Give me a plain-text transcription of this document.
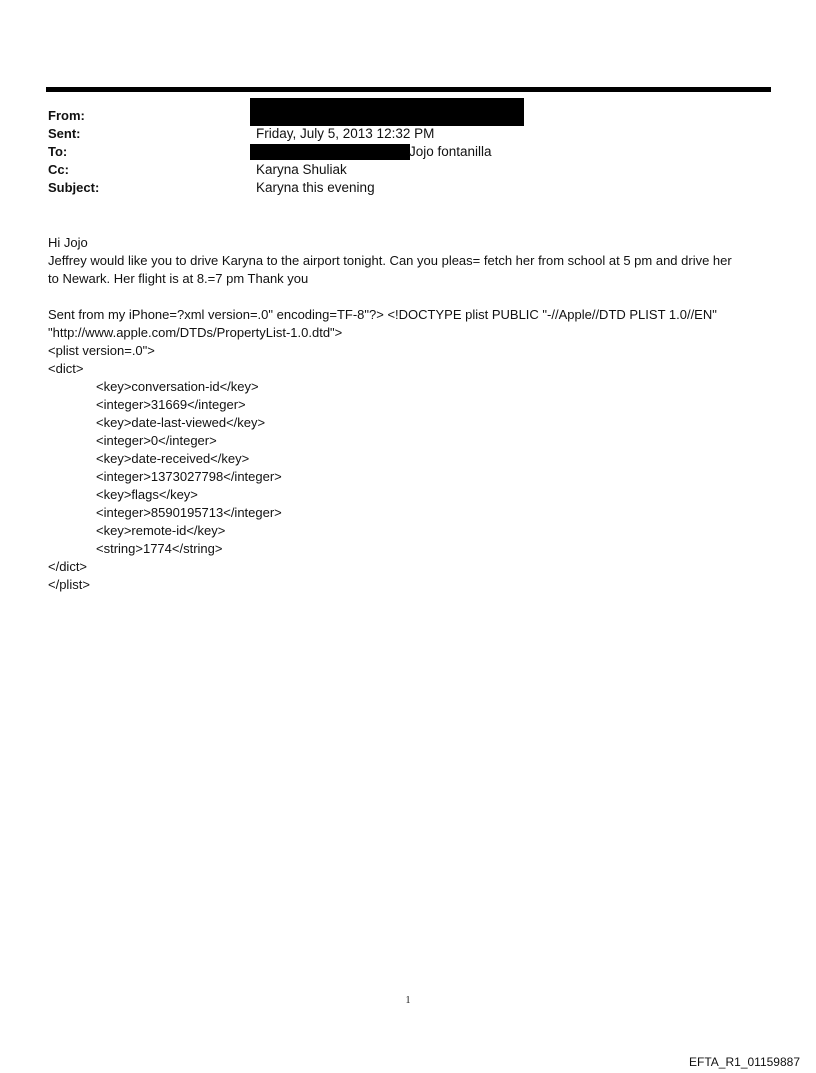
From:
Sent:
To:
Cc:
Subject:
Friday, July 5, 2013 12:32 PM
Jojo fontanilla
Karyna Shuliak
Karyna this evening
Hi Jojo
Jeffrey would like you to drive Karyna to the airport tonight. Can you pleas= fetch her from school at 5 pm and drive her
to Newark. Her flight is at 8.=7 pm Thank you
Sent from my iPhone=?xml version=.0" encoding=TF-8"?> <!DOCTYPE plist PUBLIC "-//Apple//DTD PLIST 1.0//EN"
"http://www.apple.com/DTDs/PropertyList-1.0.dtd">
<plist version=.0">
<dict>
<key>conversation-id</key>
<integer>31669</integer>
<key>date-last-viewed</key>
<integer>0</integer>
<key>date-received</key>
<integer>1373027798</integer>
<key>flags</key>
<integer>8590195713</integer>
<key>remote-id</key>
<string>1774</string>
</dict>
</plist>
1
EFTA_R1_01159887
